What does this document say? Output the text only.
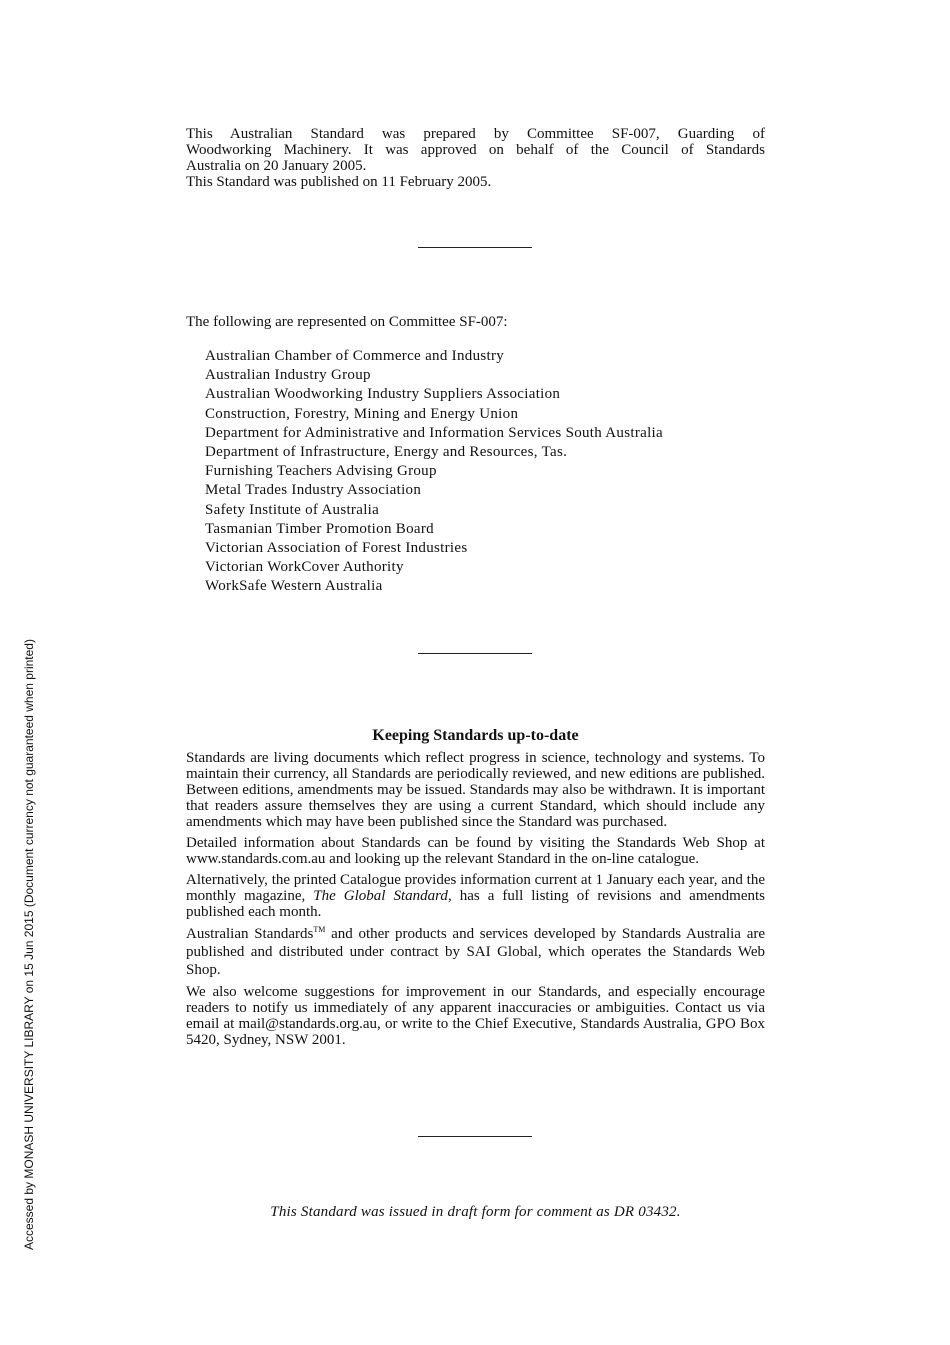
This Australian Standard was prepared by Committee SF-007, Guarding of
Woodworking Machinery. It was approved on behalf of the Council of Standards
Australia on 20 January 2005.
This Standard was published on 11 February 2005.
The following are represented on Committee SF-007:
Australian Chamber of Commerce and Industry
Australian Industry Group
Australian Woodworking Industry Suppliers Association
Construction, Forestry, Mining and Energy Union
Department for Administrative and Information Services South Australia
Department of Infrastructure, Energy and Resources, Tas.
Furnishing Teachers Advising Group
Metal Trades Industry Association
Safety Institute of Australia
Tasmanian Timber Promotion Board
Victorian Association of Forest Industries
Victorian WorkCover Authority
WorkSafe Western Australia
Keeping Standards up-to-date

Standards are living documents which reflect progress in science, technology and systems. To maintain their currency, all Standards are periodically reviewed, and new editions are published. Between editions, amendments may be issued. Standards may also be withdrawn. It is important that readers assure themselves they are using a current Standard, which should include any amendments which may have been published since the Standard was purchased.

Detailed information about Standards can be found by visiting the Standards Web Shop at www.standards.com.au and looking up the relevant Standard in the on-line catalogue.

Alternatively, the printed Catalogue provides information current at 1 January each year, and the monthly magazine, The Global Standard, has a full listing of revisions and amendments published each month.

Australian Standards™ and other products and services developed by Standards Australia are published and distributed under contract by SAI Global, which operates the Standards Web Shop.

We also welcome suggestions for improvement in our Standards, and especially encourage readers to notify us immediately of any apparent inaccuracies or ambiguities. Contact us via email at mail@standards.org.au, or write to the Chief Executive, Standards Australia, GPO Box 5420, Sydney, NSW 2001.

This Standard was issued in draft form for comment as DR 03432.
Accessed by MONASH UNIVERSITY LIBRARY on 15 Jun 2015 (Document currency not guaranteed when printed)
